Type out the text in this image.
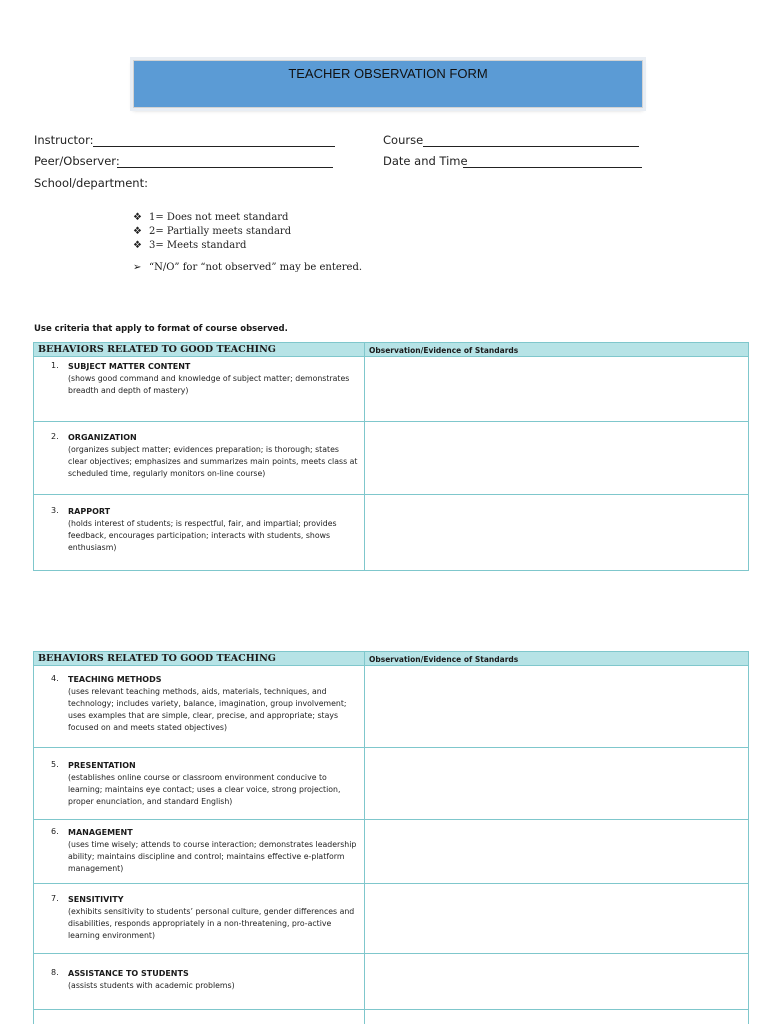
TEACHER OBSERVATION FORM
Instructor:	Course
Peer/Observer:	Date and Time
School/department:
❖ 1= Does not meet standard
❖ 2= Partially meets standard
❖ 3= Meets standard
➢ “N/O” for “not observed” may be entered.
Use criteria that apply to format of course observed.
BEHAVIORS RELATED TO GOOD TEACHING	Observation/Evidence of Standards

1. SUBJECT MATTER CONTENT
(shows good command and knowledge of subject matter; demonstrates breadth and depth of mastery)	

2. ORGANIZATION
(organizes subject matter; evidences preparation; is thorough; states clear objectives; emphasizes and summarizes main points, meets class at scheduled time, regularly monitors on-line course)	

3. RAPPORT
(holds interest of students; is respectful, fair, and impartial; provides feedback, encourages participation; interacts with students, shows enthusiasm)	

BEHAVIORS RELATED TO GOOD TEACHING	Observation/Evidence of Standards

4. TEACHING METHODS
(uses relevant teaching methods, aids, materials, techniques, and technology; includes variety, balance, imagination, group involvement; uses examples that are simple, clear, precise, and appropriate; stays focused on and meets stated objectives)	

5. PRESENTATION
(establishes online course or classroom environment conducive to learning; maintains eye contact; uses a clear voice, strong projection, proper enunciation, and standard English)	

6. MANAGEMENT
(uses time wisely; attends to course interaction; demonstrates leadership ability; maintains discipline and control; maintains effective e-platform management)	

7. SENSITIVITY
(exhibits sensitivity to students’ personal culture, gender differences and disabilities, responds appropriately in a non-threatening, pro-active learning environment)	

8. ASSISTANCE TO STUDENTS
(assists students with academic problems)	
